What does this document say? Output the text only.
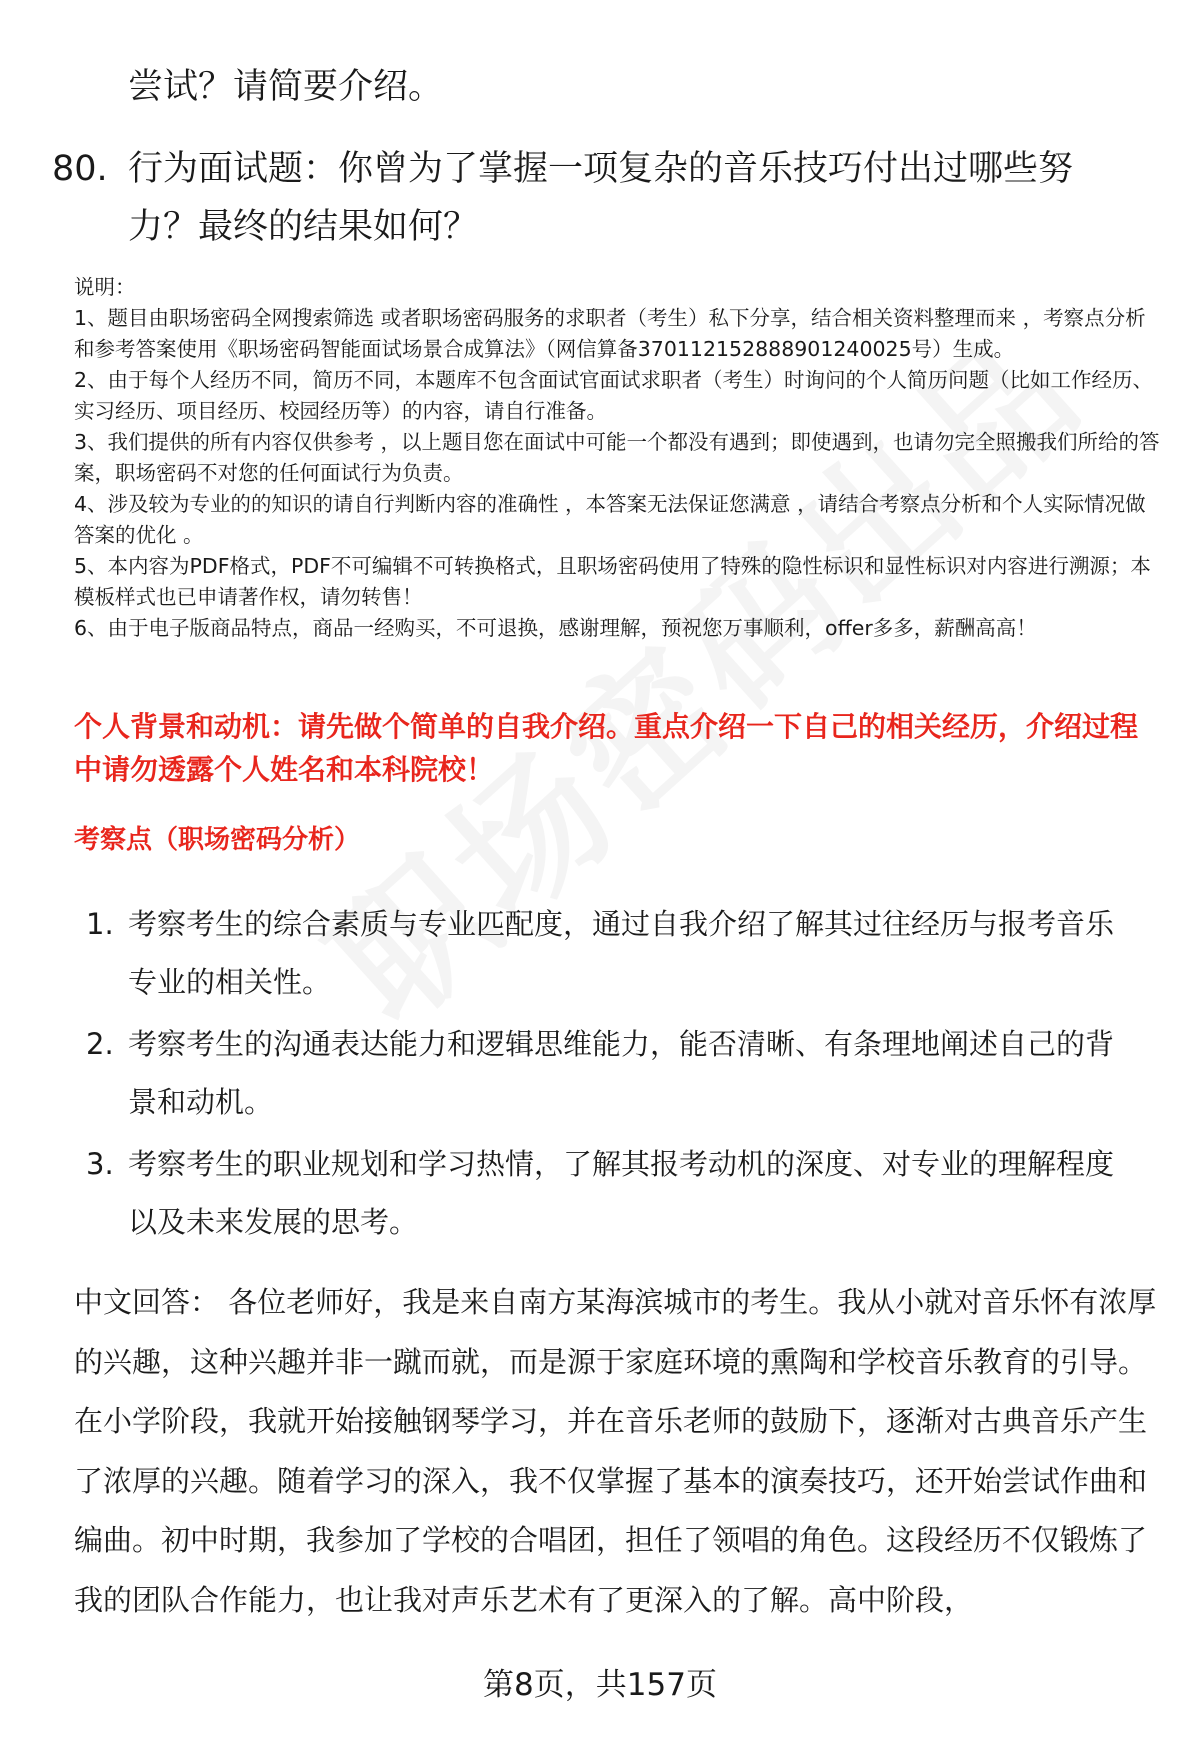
尝试？请简要介绍。
80. 行为面试题：你曾为了掌握一项复杂的音乐技巧付出过哪些努力？最终的结果如何？

说明：

1、题目由职场密码全网搜索筛选 或者职场密码服务的求职者（考生）私下分享，结合相关资料整理而来 ，考察点分析和参考答案使用《职场密码智能面试场景合成算法》（网信算备370112152888901240025号）生成。

2、由于每个人经历不同，简历不同，本题库不包含面试官面试求职者（考生）时询问的个人简历问题（比如工作经历、实习经历、项目经历、校园经历等）的内容，请自行准备。

3、我们提供的所有内容仅供参考 ，以上题目您在面试中可能一个都没有遇到；即使遇到，也请勿完全照搬我们所给的答案，职场密码不对您的任何面试行为负责。

4、涉及较为专业的的知识的请自行判断内容的准确性 ，本答案无法保证您满意 ，请结合考察点分析和个人实际情况做答案的优化 。

5、本内容为PDF格式，PDF不可编辑不可转换格式，且职场密码使用了特殊的隐性标识和显性标识对内容进行溯源；本模板样式也已申请著作权，请勿转售！

6、由于电子版商品特点，商品一经购买，不可退换，感谢理解，预祝您万事顺利，offer多多，薪酬高高！

个人背景和动机：请先做个简单的自我介绍。重点介绍一下自己的相关经历，介绍过程中请勿透露个人姓名和本科院校！
考察点（职场密码分析）
1. 考察考生的综合素质与专业匹配度，通过自我介绍了解其过往经历与报考音乐专业的相关性。
2. 考察考生的沟通表达能力和逻辑思维能力，能否清晰、有条理地阐述自己的背景和动机。
3. 考察考生的职业规划和学习热情，了解其报考动机的深度、对专业的理解程度以及未来发展的思考。
中文回答： 各位老师好，我是来自南方某海滨城市的考生。我从小就对音乐怀有浓厚的兴趣，这种兴趣并非一蹴而就，而是源于家庭环境的熏陶和学校音乐教育的引导。在小学阶段，我就开始接触钢琴学习，并在音乐老师的鼓励下，逐渐对古典音乐产生了浓厚的兴趣。随着学习的深入，我不仅掌握了基本的演奏技巧，还开始尝试作曲和编曲。初中时期，我参加了学校的合唱团，担任了领唱的角色。这段经历不仅锻炼了我的团队合作能力，也让我对声乐艺术有了更深入的了解。高中阶段，
第8页，共157页
